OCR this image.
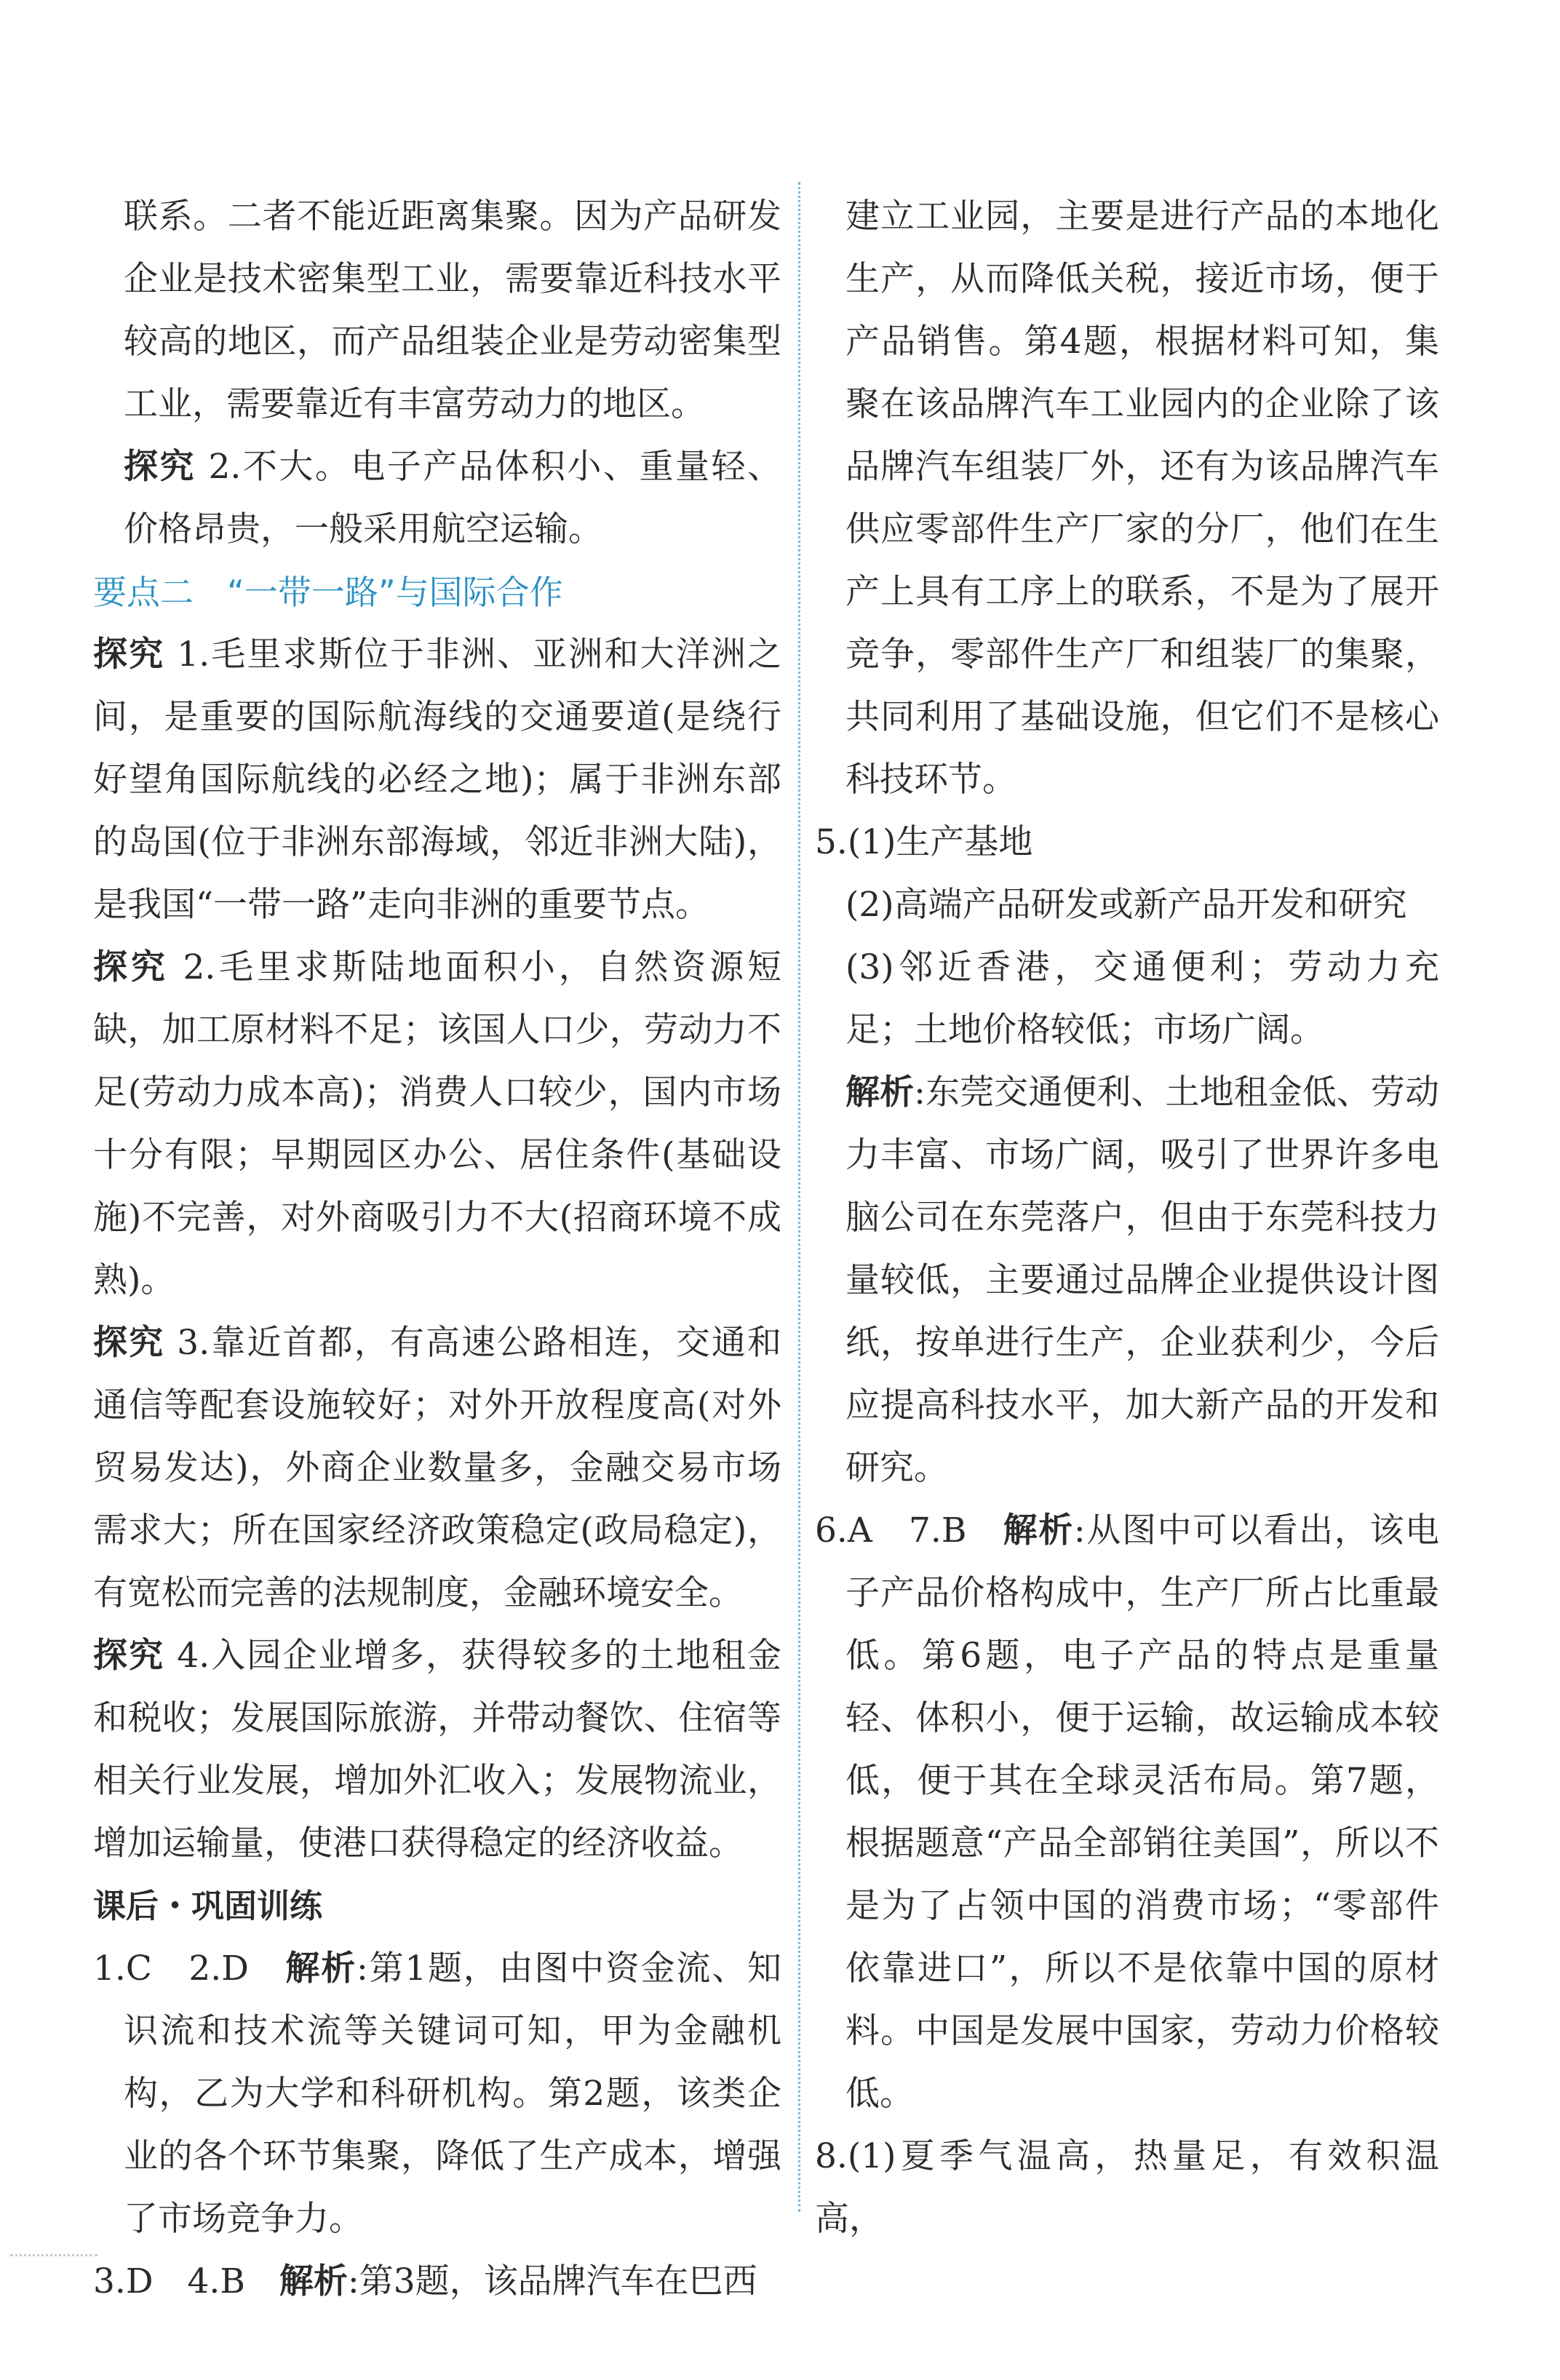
联系。二者不能近距离集聚。因为产品研发企业是技术密集型工业，需要靠近科技水平较高的地区，而产品组装企业是劳动密集型工业，需要靠近有丰富劳动力的地区。

探究 2.不大。电子产品体积小、重量轻、价格昂贵，一般采用航空运输。

要点二　“一带一路”与国际合作

探究 1.毛里求斯位于非洲、亚洲和大洋洲之间，是重要的国际航海线的交通要道(是绕行好望角国际航线的必经之地)；属于非洲东部的岛国(位于非洲东部海域，邻近非洲大陆)，是我国“一带一路”走向非洲的重要节点。

探究 2.毛里求斯陆地面积小，自然资源短缺，加工原材料不足；该国人口少，劳动力不足(劳动力成本高)；消费人口较少，国内市场十分有限；早期园区办公、居住条件(基础设施)不完善，对外商吸引力不大(招商环境不成熟)。

探究 3.靠近首都，有高速公路相连，交通和通信等配套设施较好；对外开放程度高(对外贸易发达)，外商企业数量多，金融交易市场需求大；所在国家经济政策稳定(政局稳定)，有宽松而完善的法规制度，金融环境安全。

探究 4.入园企业增多，获得较多的土地租金和税收；发展国际旅游，并带动餐饮、住宿等相关行业发展，增加外汇收入；发展物流业，增加运输量，使港口获得稳定的经济收益。

课后・巩固训练

1.C　2.D　解析:第1题，由图中资金流、知识流和技术流等关键词可知，甲为金融机构，乙为大学和科研机构。第2题，该类企业的各个环节集聚，降低了生产成本，增强了市场竞争力。

3.D　4.B　解析:第3题，该品牌汽车在巴西

建立工业园，主要是进行产品的本地化生产，从而降低关税，接近市场，便于产品销售。第4题，根据材料可知，集聚在该品牌汽车工业园内的企业除了该品牌汽车组装厂外，还有为该品牌汽车供应零部件生产厂家的分厂，他们在生产上具有工序上的联系，不是为了展开竞争，零部件生产厂和组装厂的集聚，共同利用了基础设施，但它们不是核心科技环节。

5.(1)生产基地

(2)高端产品研发或新产品开发和研究

(3)邻近香港，交通便利；劳动力充足；土地价格较低；市场广阔。

解析:东莞交通便利、土地租金低、劳动力丰富、市场广阔，吸引了世界许多电脑公司在东莞落户，但由于东莞科技力量较低，主要通过品牌企业提供设计图纸，按单进行生产，企业获利少，今后应提高科技水平，加大新产品的开发和研究。

6.A　7.B　解析:从图中可以看出，该电子产品价格构成中，生产厂所占比重最低。第6题，电子产品的特点是重量轻、体积小，便于运输，故运输成本较低，便于其在全球灵活布局。第7题，根据题意“产品全部销往美国”，所以不是为了占领中国的消费市场；“零部件依靠进口”，所以不是依靠中国的原材料。中国是发展中国家，劳动力价格较低。

8.(1)夏季气温高，热量足，有效积温高，
